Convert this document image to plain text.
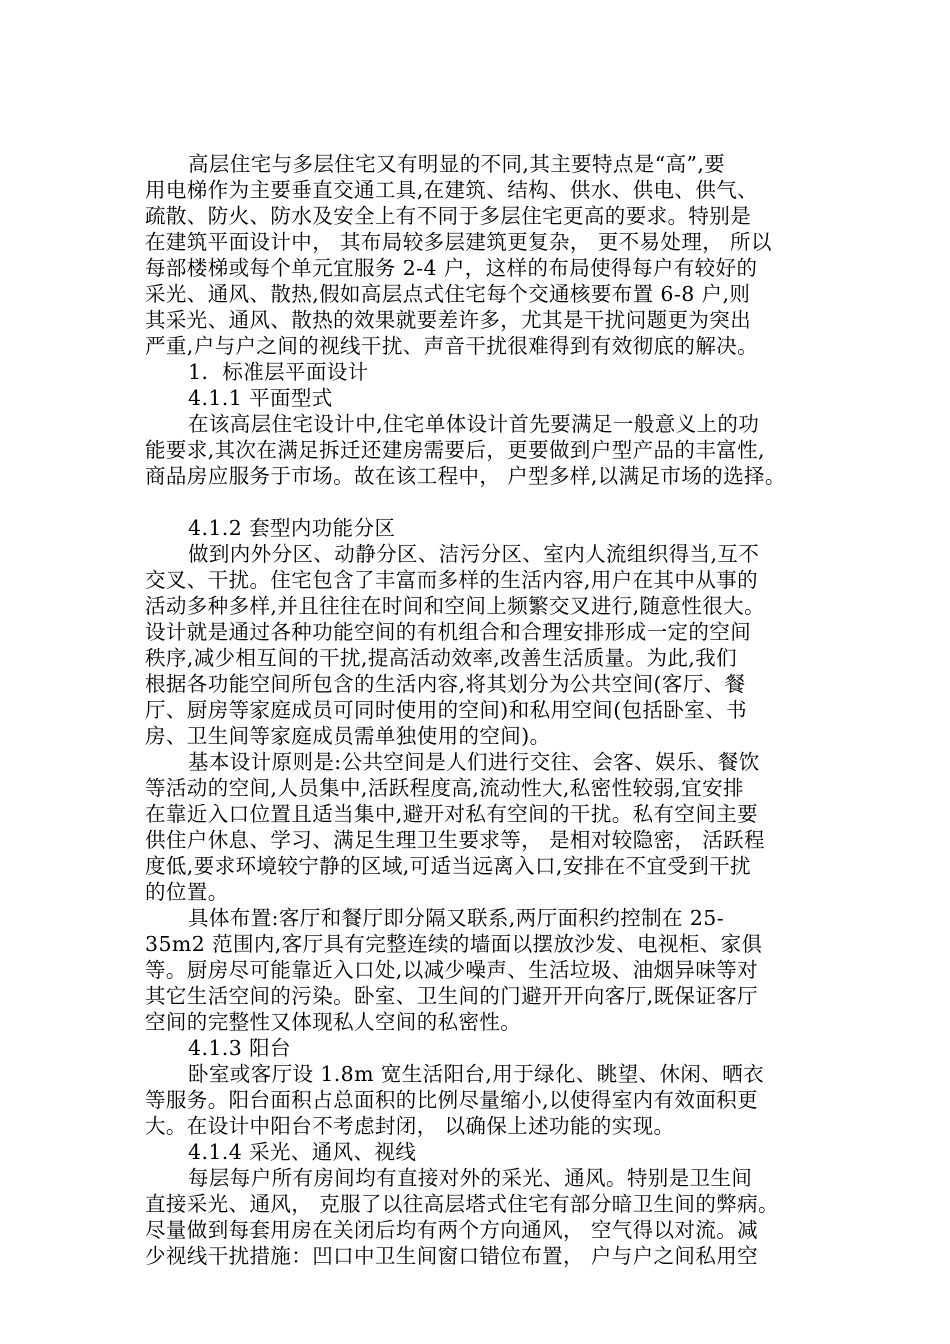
高层住宅与多层住宅又有明显的不同,其主要特点是“高”,要
用电梯作为主要垂直交通工具,在建筑、结构、供水、供电、供气、
疏散、防火、防水及安全上有不同于多层住宅更高的要求。特别是
在建筑平面设计中， 其布局较多层建筑更复杂， 更不易处理， 所以
每部楼梯或每个单元宜服务 2-4 户，这样的布局使得每户有较好的
采光、通风、散热,假如高层点式住宅每个交通核要布置 6-8 户,则
其采光、通风、散热的效果就要差许多，尤其是干扰问题更为突出
严重,户与户之间的视线干扰、声音干扰很难得到有效彻底的解决。
1．标准层平面设计
4.1.1 平面型式
在该高层住宅设计中,住宅单体设计首先要满足一般意义上的功
能要求,其次在满足拆迁还建房需要后，更要做到户型产品的丰富性,
商品房应服务于市场。故在该工程中， 户型多样,以满足市场的选择。
4.1.2 套型内功能分区
做到内外分区、动静分区、洁污分区、室内人流组织得当,互不
交叉、干扰。住宅包含了丰富而多样的生活内容,用户在其中从事的
活动多种多样,并且往往在时间和空间上频繁交叉进行,随意性很大。
设计就是通过各种功能空间的有机组合和合理安排形成一定的空间
秩序,减少相互间的干扰,提高活动效率,改善生活质量。为此,我们
根据各功能空间所包含的生活内容,将其划分为公共空间(客厅、餐
厅、厨房等家庭成员可同时使用的空间)和私用空间(包括卧室、书
房、卫生间等家庭成员需单独使用的空间)。
基本设计原则是:公共空间是人们进行交往、会客、娱乐、餐饮
等活动的空间,人员集中,活跃程度高,流动性大,私密性较弱,宜安排
在靠近入口位置且适当集中,避开对私有空间的干扰。私有空间主要
供住户休息、学习、满足生理卫生要求等， 是相对较隐密， 活跃程
度低,要求环境较宁静的区域,可适当远离入口,安排在不宜受到干扰
的位置。
具体布置:客厅和餐厅即分隔又联系,两厅面积约控制在 25-
35m2 范围内,客厅具有完整连续的墙面以摆放沙发、电视柜、家俱
等。厨房尽可能靠近入口处,以减少噪声、生活垃圾、油烟异味等对
其它生活空间的污染。卧室、卫生间的门避开开向客厅,既保证客厅
空间的完整性又体现私人空间的私密性。
4.1.3 阳台
卧室或客厅设 1.8m 宽生活阳台,用于绿化、眺望、休闲、晒衣
等服务。阳台面积占总面积的比例尽量缩小,以使得室内有效面积更
大。在设计中阳台不考虑封闭， 以确保上述功能的实现。
4.1.4 采光、通风、视线
每层每户所有房间均有直接对外的采光、通风。特别是卫生间
直接采光、通风， 克服了以往高层塔式住宅有部分暗卫生间的弊病。
尽量做到每套用房在关闭后均有两个方向通风， 空气得以对流。减
少视线干扰措施：凹口中卫生间窗口错位布置， 户与户之间私用空
